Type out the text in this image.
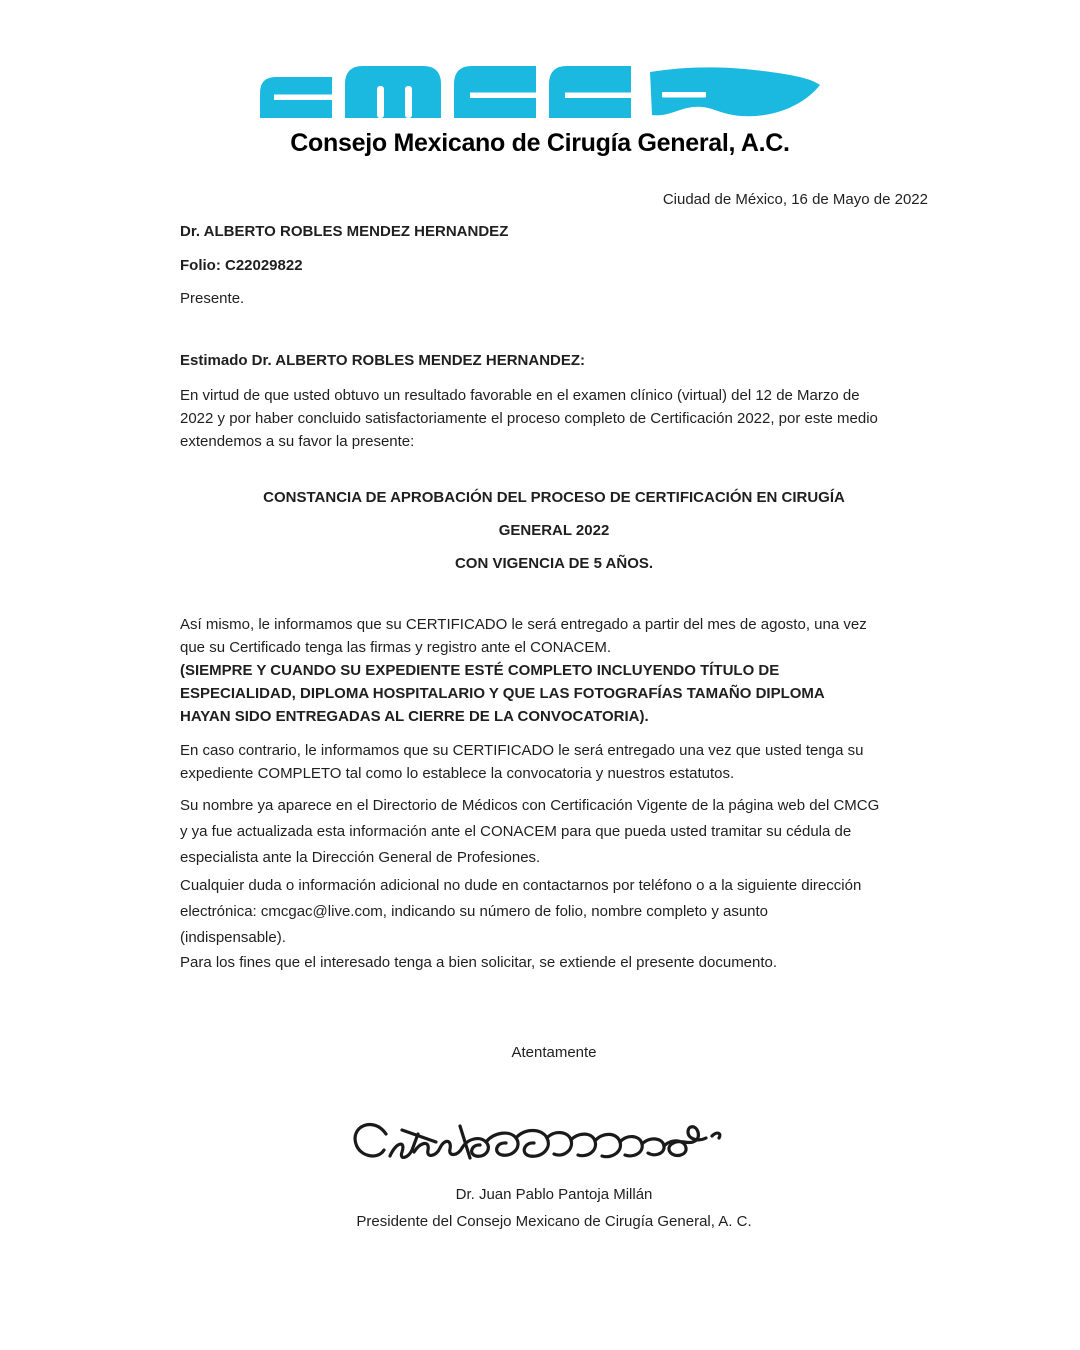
Consejo Mexicano de Cirugía General, A.C.
Ciudad de México, 16 de Mayo de 2022
Dr. ALBERTO ROBLES MENDEZ HERNANDEZ
Folio: C22029822
Presente.
Estimado Dr. ALBERTO ROBLES MENDEZ HERNANDEZ:
En virtud de que usted obtuvo un resultado favorable en el examen clínico (virtual) del 12 de Marzo de
2022 y por haber concluido satisfactoriamente el proceso completo de Certificación 2022, por este medio
extendemos a su favor la presente:
CONSTANCIA DE APROBACIÓN DEL PROCESO DE CERTIFICACIÓN EN CIRUGÍA
GENERAL 2022
CON VIGENCIA DE 5 AÑOS.
Así mismo, le informamos que su CERTIFICADO le será entregado a partir del mes de agosto, una vez
que su Certificado tenga las firmas y registro ante el CONACEM.
(SIEMPRE Y CUANDO SU EXPEDIENTE ESTÉ COMPLETO INCLUYENDO TÍTULO DE
ESPECIALIDAD, DIPLOMA HOSPITALARIO Y QUE LAS FOTOGRAFÍAS TAMAÑO DIPLOMA
HAYAN SIDO ENTREGADAS AL CIERRE DE LA CONVOCATORIA).
En caso contrario, le informamos que su CERTIFICADO le será entregado una vez que usted tenga su
expediente COMPLETO tal como lo establece la convocatoria y nuestros estatutos.
Su nombre ya aparece en el Directorio de Médicos con Certificación Vigente de la página web del CMCG
y ya fue actualizada esta información ante el CONACEM para que pueda usted tramitar su cédula de
especialista ante la Dirección General de Profesiones.
Cualquier duda o información adicional no dude en contactarnos por teléfono o a la siguiente dirección
electrónica: cmcgac@live.com, indicando su número de folio, nombre completo y asunto
(indispensable).
Para los fines que el interesado tenga a bien solicitar, se extiende el presente documento.
Atentamente
Dr. Juan Pablo Pantoja Millán
Presidente del Consejo Mexicano de Cirugía General, A. C.
